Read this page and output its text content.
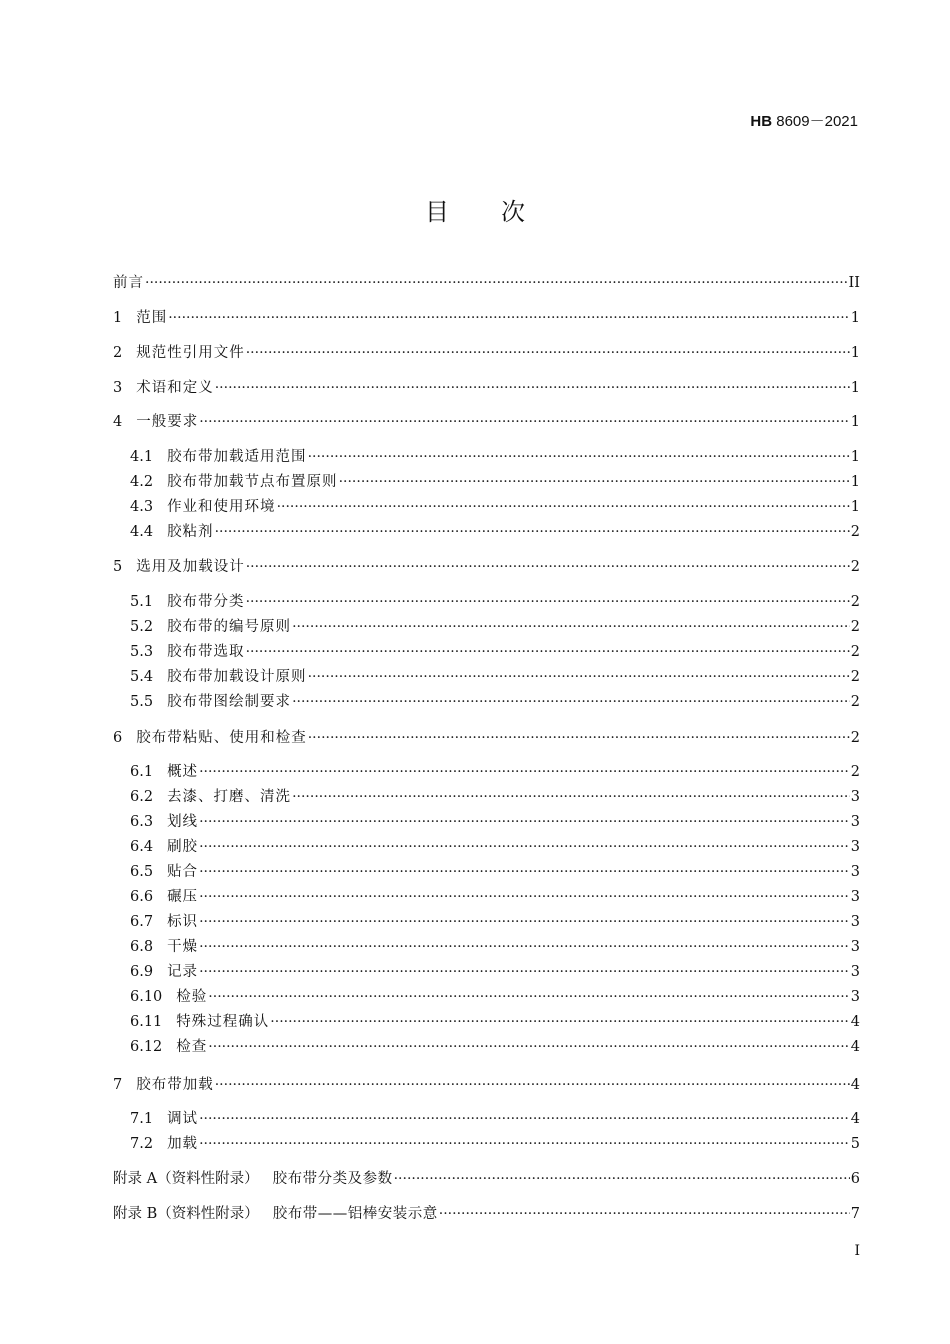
HB 8609－2021
目次
前言 ·····	II
1 范围 ·····	1
2 规范性引用文件 ·····	1
3 术语和定义 ·····	1
4 一般要求 ·····	1
4.1 胶布带加载适用范围 ·····	1
4.2 胶布带加载节点布置原则 ·····	1
4.3 作业和使用环境 ·····	1
4.4 胶粘剂 ·····	2
5 选用及加载设计 ·····	2
5.1 胶布带分类 ·····	2
5.2 胶布带的编号原则 ·····	2
5.3 胶布带选取 ·····	2
5.4 胶布带加载设计原则 ·····	2
5.5 胶布带图绘制要求 ·····	2
6 胶布带粘贴、使用和检查 ·····	2
6.1 概述 ·····	2
6.2 去漆、打磨、清洗 ·····	3
6.3 划线 ·····	3
6.4 刷胶 ·····	3
6.5 贴合 ·····	3
6.6 碾压 ·····	3
6.7 标识 ·····	3
6.8 干燥 ·····	3
6.9 记录 ·····	3
6.10 检验 ·····	3
6.11 特殊过程确认 ·····	4
6.12 检查 ·····	4
7 胶布带加载 ·····	4
7.1 调试 ·····	4
7.2 加载 ·····	5
附录 A（资料性附录） 胶布带分类及参数 ·····	6
附录 B（资料性附录） 胶布带——铝棒安装示意 ·····	7
I
